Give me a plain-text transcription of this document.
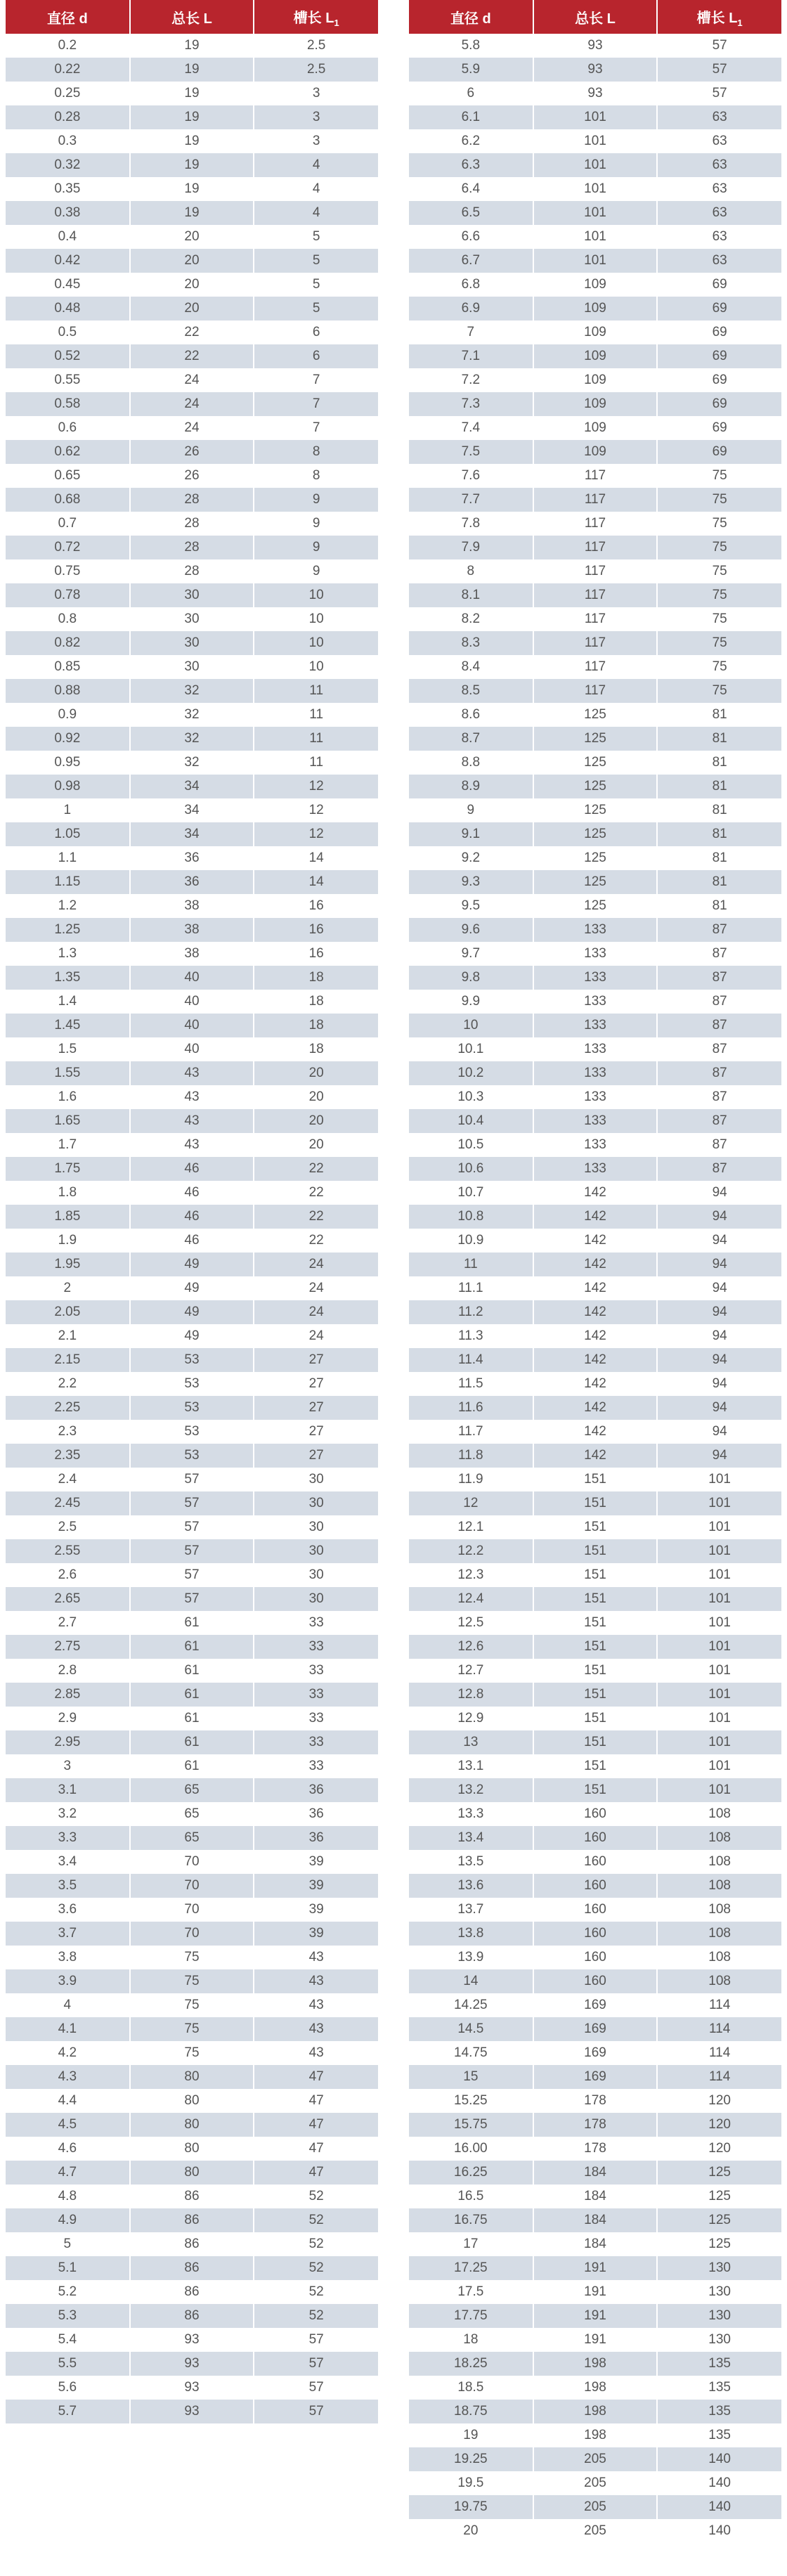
直径 d	总长 L	槽长 $L_1$
0.2	19	2.5
0.22	19	2.5
0.25	19	3
0.28	19	3
0.3	19	3
0.32	19	4
0.35	19	4
0.38	19	4
0.4	20	5
0.42	20	5
0.45	20	5
0.48	20	5
0.5	22	6
0.52	22	6
0.55	24	7
0.58	24	7
0.6	24	7
0.62	26	8
0.65	26	8
0.68	28	9
0.7	28	9
0.72	28	9
0.75	28	9
0.78	30	10
0.8	30	10
0.82	30	10
0.85	30	10
0.88	32	11
0.9	32	11
0.92	32	11
0.95	32	11
0.98	34	12
1	34	12
1.05	34	12
1.1	36	14
1.15	36	14
1.2	38	16
1.25	38	16
1.3	38	16
1.35	40	18
1.4	40	18
1.45	40	18
1.5	40	18
1.55	43	20
1.6	43	20
1.65	43	20
1.7	43	20
1.75	46	22
1.8	46	22
1.85	46	22
1.9	46	22
1.95	49	24
2	49	24
2.05	49	24
2.1	49	24
2.15	53	27
2.2	53	27
2.25	53	27
2.3	53	27
2.35	53	27
2.4	57	30
2.45	57	30
2.5	57	30
2.55	57	30
2.6	57	30
2.65	57	30
2.7	61	33
2.75	61	33
2.8	61	33
2.85	61	33
2.9	61	33
2.95	61	33
3	61	33
3.1	65	36
3.2	65	36
3.3	65	36
3.4	70	39
3.5	70	39
3.6	70	39
3.7	70	39
3.8	75	43
3.9	75	43
4	75	43
4.1	75	43
4.2	75	43
4.3	80	47
4.4	80	47
4.5	80	47
4.6	80	47
4.7	80	47
4.8	86	52
4.9	86	52
5	86	52
5.1	86	52
5.2	86	52
5.3	86	52
5.4	93	57
5.5	93	57
5.6	93	57
5.7	93	57
直径 d	总长 L	槽长 $L_1$
5.8	93	57
5.9	93	57
6	93	57
6.1	101	63
6.2	101	63
6.3	101	63
6.4	101	63
6.5	101	63
6.6	101	63
6.7	101	63
6.8	109	69
6.9	109	69
7	109	69
7.1	109	69
7.2	109	69
7.3	109	69
7.4	109	69
7.5	109	69
7.6	117	75
7.7	117	75
7.8	117	75
7.9	117	75
8	117	75
8.1	117	75
8.2	117	75
8.3	117	75
8.4	117	75
8.5	117	75
8.6	125	81
8.7	125	81
8.8	125	81
8.9	125	81
9	125	81
9.1	125	81
9.2	125	81
9.3	125	81
9.5	125	81
9.6	133	87
9.7	133	87
9.8	133	87
9.9	133	87
10	133	87
10.1	133	87
10.2	133	87
10.3	133	87
10.4	133	87
10.5	133	87
10.6	133	87
10.7	142	94
10.8	142	94
10.9	142	94
11	142	94
11.1	142	94
11.2	142	94
11.3	142	94
11.4	142	94
11.5	142	94
11.6	142	94
11.7	142	94
11.8	142	94
11.9	151	101
12	151	101
12.1	151	101
12.2	151	101
12.3	151	101
12.4	151	101
12.5	151	101
12.6	151	101
12.7	151	101
12.8	151	101
12.9	151	101
13	151	101
13.1	151	101
13.2	151	101
13.3	160	108
13.4	160	108
13.5	160	108
13.6	160	108
13.7	160	108
13.8	160	108
13.9	160	108
14	160	108
14.25	169	114
14.5	169	114
14.75	169	114
15	169	114
15.25	178	120
15.75	178	120
16.00	178	120
16.25	184	125
16.5	184	125
16.75	184	125
17	184	125
17.25	191	130
17.5	191	130
17.75	191	130
18	191	130
18.25	198	135
18.5	198	135
18.75	198	135
19	198	135
19.25	205	140
19.5	205	140
19.75	205	140
20	205	140
